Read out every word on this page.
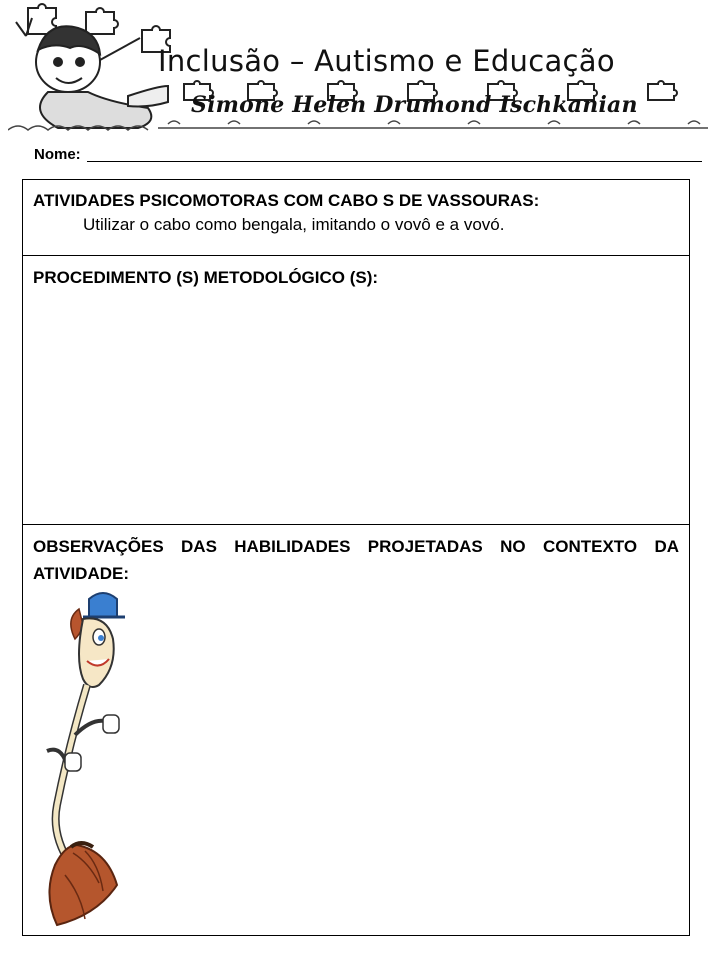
Inclusão – Autismo e Educação
Simone Helen Drumond Ischkanian
Nome:
ATIVIDADES PSICOMOTORAS COM CABO S DE VASSOURAS:
Utilizar o cabo como bengala, imitando o vovô e a vovó.
PROCEDIMENTO (S) METODOLÓGICO (S):
OBSERVAÇÕES DAS HABILIDADES PROJETADAS NO CONTEXTO DA ATIVIDADE:
